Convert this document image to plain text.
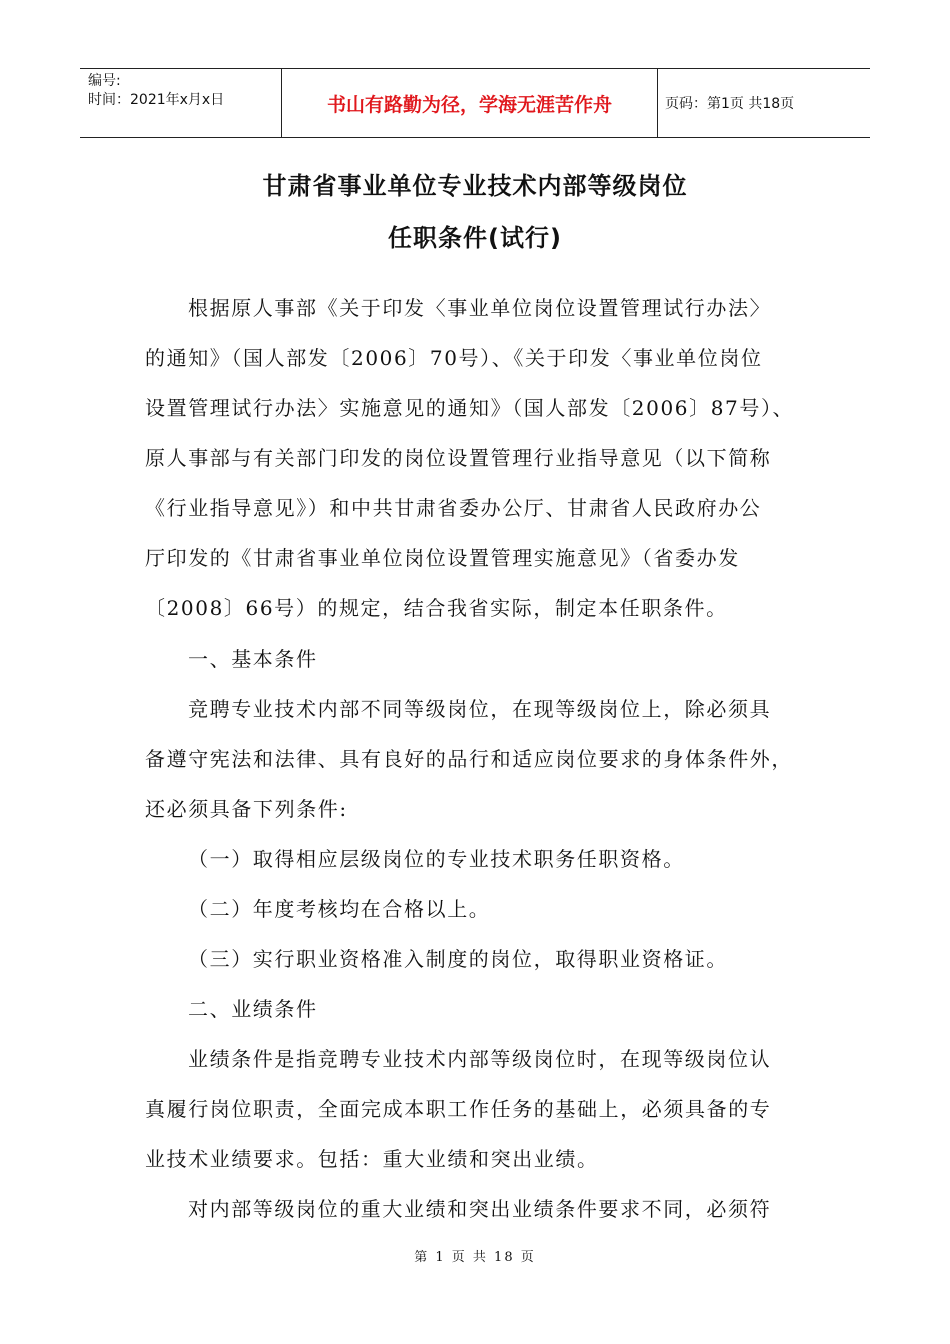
编号:
时间：2021年x月x日	书山有路勤为径，学海无涯苦作舟	页码：第1页 共18页
甘肃省事业单位专业技术内部等级岗位
任职条件(试行)
根据原人事部《关于印发〈事业单位岗位设置管理试行办法〉
的通知》（国人部发〔2006〕70号）、《关于印发〈事业单位岗位
设置管理试行办法〉实施意见的通知》（国人部发〔2006〕87号）、
原人事部与有关部门印发的岗位设置管理行业指导意见（以下简称
《行业指导意见》）和中共甘肃省委办公厅、甘肃省人民政府办公
厅印发的《甘肃省事业单位岗位设置管理实施意见》（省委办发
〔2008〕66号）的规定，结合我省实际，制定本任职条件。
一、基本条件
竞聘专业技术内部不同等级岗位，在现等级岗位上，除必须具
备遵守宪法和法律、具有良好的品行和适应岗位要求的身体条件外，
还必须具备下列条件:
（一）取得相应层级岗位的专业技术职务任职资格。
（二）年度考核均在合格以上。
（三）实行职业资格准入制度的岗位，取得职业资格证。
二、业绩条件
业绩条件是指竞聘专业技术内部等级岗位时，在现等级岗位认
真履行岗位职责，全面完成本职工作任务的基础上，必须具备的专
业技术业绩要求。包括：重大业绩和突出业绩。
对内部等级岗位的重大业绩和突出业绩条件要求不同，必须符
第 1 页 共 18 页
